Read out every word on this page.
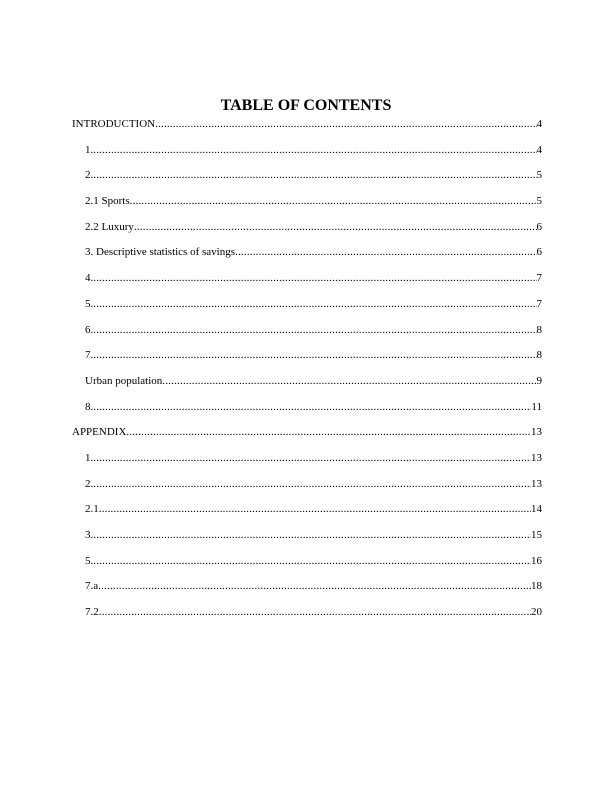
TABLE OF CONTENTS
INTRODUCTION .....	4
1. .....	4
2. .....	5
2.1 Sports .....	5
2.2 Luxury .....	6
3. Descriptive statistics of savings .....	6
4. .....	7
5. .....	7
6. .....	8
7. .....	8
Urban population .....	9
8. .....	11
APPENDIX .....	13
1. .....	13
2. .....	13
2.1 .....	14
3. .....	15
5. .....	16
7.a .....	18
7.2 .....	20
